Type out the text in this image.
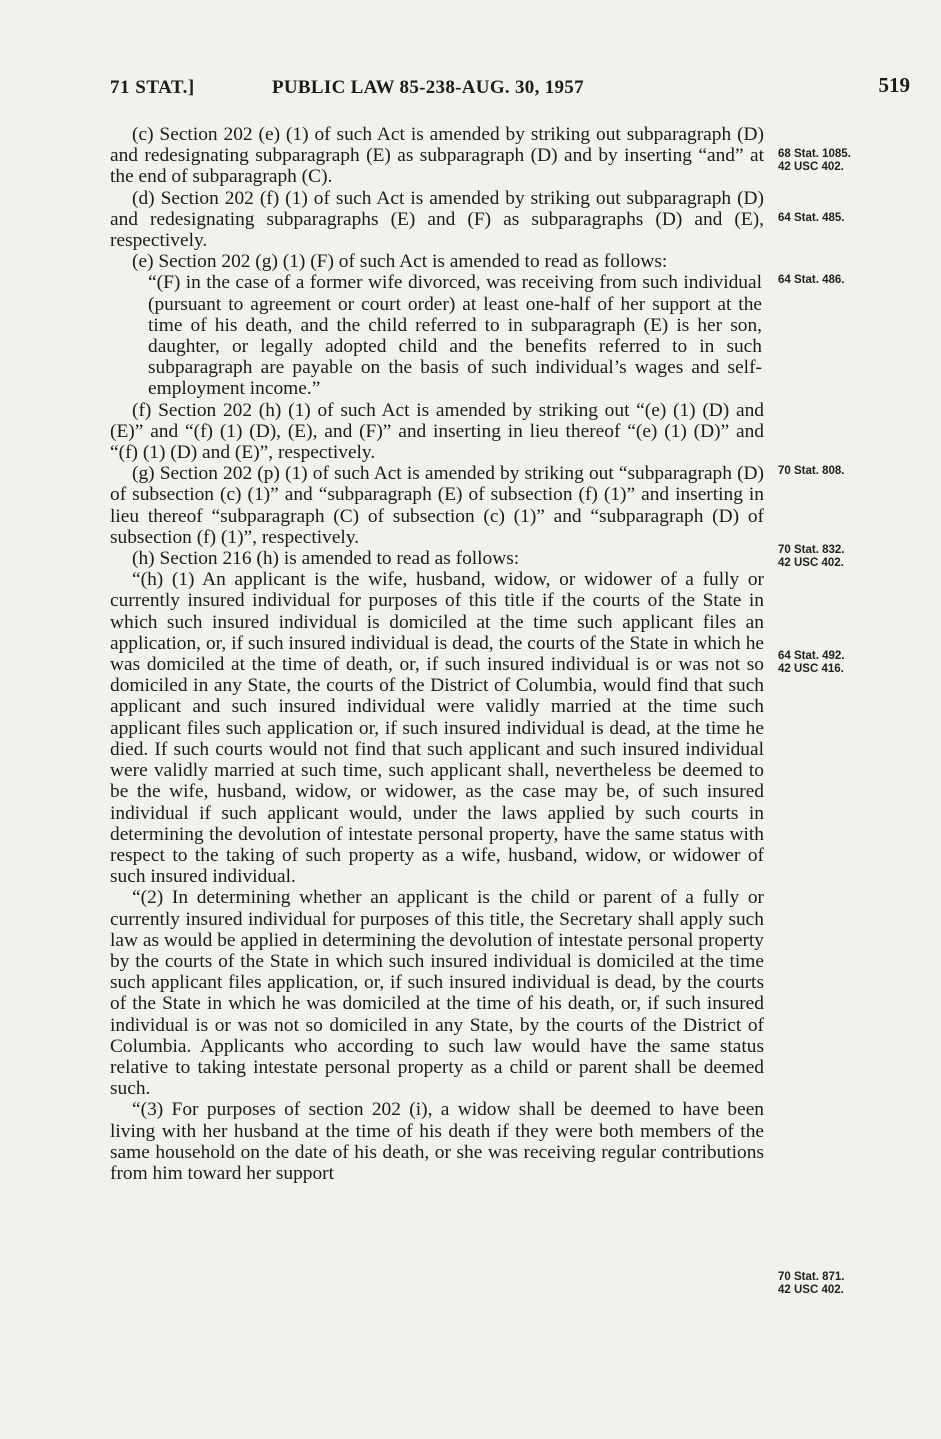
71 STAT.]	PUBLIC LAW 85-238-AUG. 30, 1957	519

(c) Section 202 (e) (1) of such Act is amended by striking out subparagraph (D) and redesignating subparagraph (E) as subparagraph (D) and by inserting “and” at the end of subparagraph (C).

(d) Section 202 (f) (1) of such Act is amended by striking out subparagraph (D) and redesignating subparagraphs (E) and (F) as subparagraphs (D) and (E), respectively.

(e) Section 202 (g) (1) (F) of such Act is amended to read as follows:

“(F) in the case of a former wife divorced, was receiving from such individual (pursuant to agreement or court order) at least one-half of her support at the time of his death, and the child referred to in subparagraph (E) is her son, daughter, or legally adopted child and the benefits referred to in such subparagraph are payable on the basis of such individual’s wages and self-employment income.”

(f) Section 202 (h) (1) of such Act is amended by striking out “(e) (1) (D) and (E)” and “(f) (1) (D), (E), and (F)” and inserting in lieu thereof “(e) (1) (D)” and “(f) (1) (D) and (E)”, respectively.

(g) Section 202 (p) (1) of such Act is amended by striking out “subparagraph (D) of subsection (c) (1)” and “subparagraph (E) of subsection (f) (1)” and inserting in lieu thereof “subparagraph (C) of subsection (c) (1)” and “subparagraph (D) of subsection (f) (1)”, respectively.

(h) Section 216 (h) is amended to read as follows:

“(h) (1) An applicant is the wife, husband, widow, or widower of a fully or currently insured individual for purposes of this title if the courts of the State in which such insured individual is domiciled at the time such applicant files an application, or, if such insured individual is dead, the courts of the State in which he was domiciled at the time of death, or, if such insured individual is or was not so domiciled in any State, the courts of the District of Columbia, would find that such applicant and such insured individual were validly married at the time such applicant files such application or, if such insured individual is dead, at the time he died. If such courts would not find that such applicant and such insured individual were validly married at such time, such applicant shall, nevertheless be deemed to be the wife, husband, widow, or widower, as the case may be, of such insured individual if such applicant would, under the laws applied by such courts in determining the devolution of intestate personal property, have the same status with respect to the taking of such property as a wife, husband, widow, or widower of such insured individual.

“(2) In determining whether an applicant is the child or parent of a fully or currently insured individual for purposes of this title, the Secretary shall apply such law as would be applied in determining the devolution of intestate personal property by the courts of the State in which such insured individual is domiciled at the time such applicant files application, or, if such insured individual is dead, by the courts of the State in which he was domiciled at the time of his death, or, if such insured individual is or was not so domiciled in any State, by the courts of the District of Columbia. Applicants who according to such law would have the same status relative to taking intestate personal property as a child or parent shall be deemed such.

“(3) For purposes of section 202 (i), a widow shall be deemed to have been living with her husband at the time of his death if they were both members of the same household on the date of his death, or she was receiving regular contributions from him toward her support

68 Stat. 1085.
42 USC 402.
64 Stat. 485.
64 Stat. 486.
70 Stat. 808.
70 Stat. 832.
42 USC 402.
64 Stat. 492.
42 USC 416.
70 Stat. 871.
42 USC 402.
